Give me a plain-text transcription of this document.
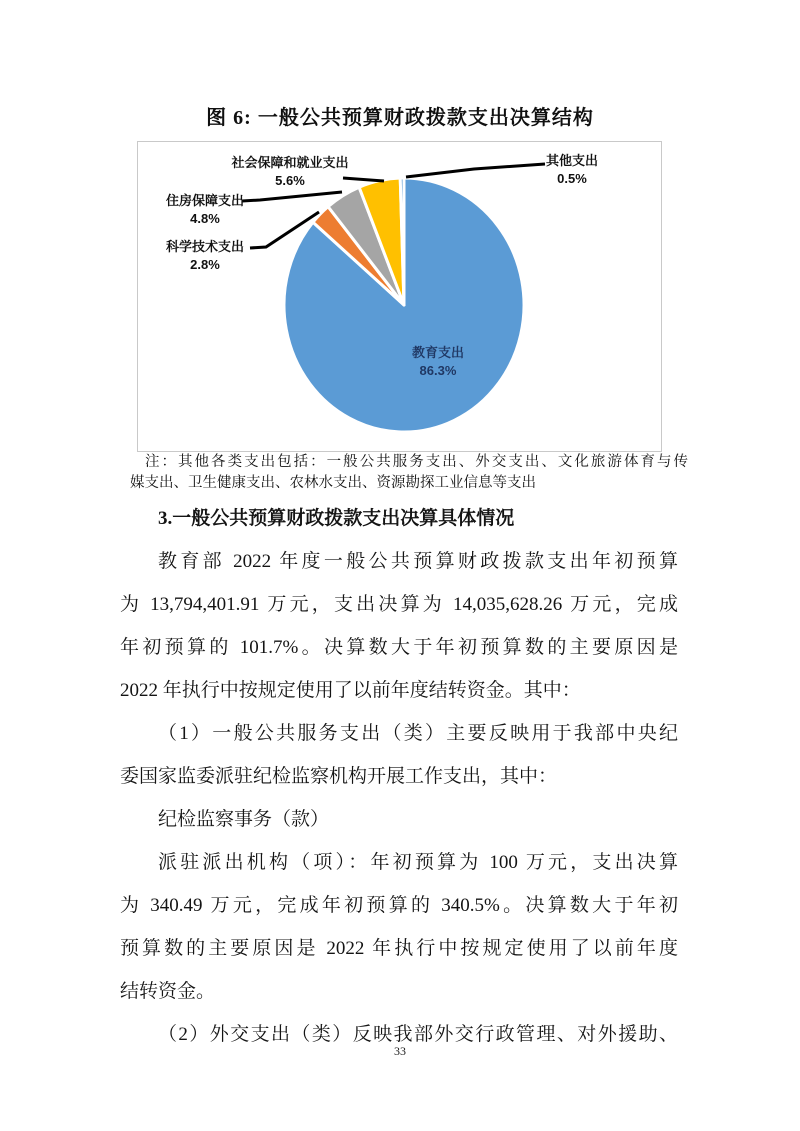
图 6: 一般公共预算财政拨款支出决算结构
教育支出
86.3%
科学技术支出
2.8%
住房保障支出
4.8%
社会保障和就业支出
5.6%
其他支出
0.5%
注：其他各类支出包括：一般公共服务支出、外交支出、文化旅游体育与传
媒支出、卫生健康支出、农林水支出、资源勘探工业信息等支出
3.一般公共预算财政拨款支出决算具体情况
教育部 2022 年度一般公共预算财政拨款支出年初预算
为 13,794,401.91 万元，支出决算为 14,035,628.26 万元，完成
年初预算的 101.7%。决算数大于年初预算数的主要原因是
2022 年执行中按规定使用了以前年度结转资金。其中：
（1）一般公共服务支出（类）主要反映用于我部中央纪
委国家监委派驻纪检监察机构开展工作支出，其中：
纪检监察事务（款）
派驻派出机构（项）：年初预算为 100 万元，支出决算
为 340.49 万元，完成年初预算的 340.5%。决算数大于年初
预算数的主要原因是 2022 年执行中按规定使用了以前年度
结转资金。
（2）外交支出（类）反映我部外交行政管理、对外援助、
33
